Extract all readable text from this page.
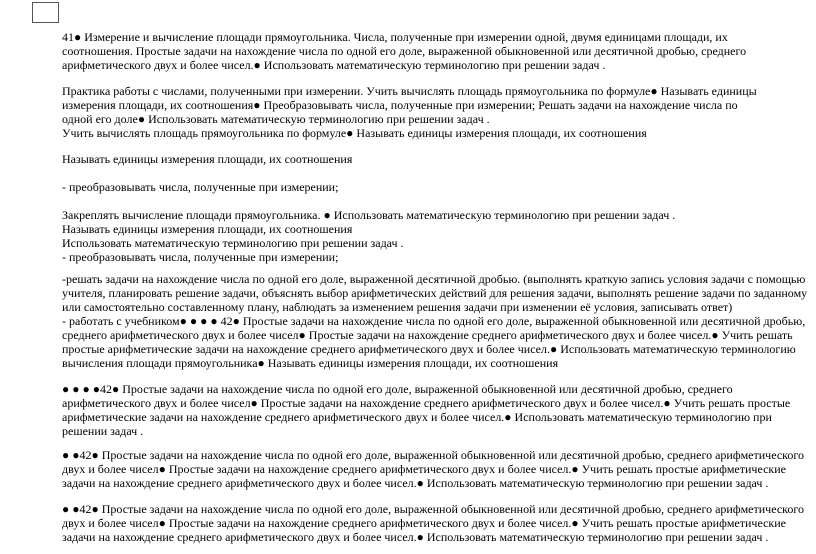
41● Измерение и вычисление площади прямоугольника. Числа, полученные при измерении одной, двумя единицами площади, их
соотношения. Простые задачи на нахождение числа по одной его доле, выраженной обыкновенной или десятичной дробью, среднего
арифметического двух и более чисел.● Использовать математическую терминологию при решении задач .
Практика работы с числами, полученными при измерении. Учить вычислять площадь прямоугольника по формуле● Называть единицы
измерения площади, их соотношения● Преобразовывать числа, полученные при измерении; Решать задачи на нахождение числа по
одной его доле● Использовать математическую терминологию при решении задач .
Учить вычислять площадь прямоугольника по формуле● Называть единицы измерения площади, их соотношения
Называть единицы измерения площади, их соотношения
- преобразовывать числа, полученные при измерении;
Закреплять вычисление площади прямоугольника. ● Использовать математическую терминологию при решении задач .
Называть единицы измерения площади, их соотношения
Использовать математическую терминологию при решении задач .
- преобразовывать числа, полученные при измерении;
-решать задачи на нахождение числа по одной его доле, выраженной десятичной дробью. (выполнять краткую запись условия задачи с помощью
учителя, планировать решение задачи, объяснять выбор арифметических действий для решения задачи, выполнять решение задачи по заданному
или самостоятельно составленному плану, наблюдать за изменением решения задачи при изменении её условия, записывать ответ)
- работать с учебником● ● ● ● 42● Простые задачи на нахождение числа по одной его доле, выраженной обыкновенной или десятичной дробью,
среднего арифметического двух и более чисел● Простые задачи на нахождение среднего арифметического двух и более чисел.● Учить решать
простые арифметические задачи на нахождение среднего арифметического двух и более чисел.● Использовать математическую терминологию
вычисления площади прямоугольника● Называть единицы измерения площади, их соотношения
● ● ● ●42● Простые задачи на нахождение числа по одной его доле, выраженной обыкновенной или десятичной дробью, среднего
арифметического двух и более чисел● Простые задачи на нахождение среднего арифметического двух и более чисел.● Учить решать простые
арифметические задачи на нахождение среднего арифметического двух и более чисел.● Использовать математическую терминологию при
решении задач .
● ●42● Простые задачи на нахождение числа по одной его доле, выраженной обыкновенной или десятичной дробью, среднего арифметического
двух и более чисел● Простые задачи на нахождение среднего арифметического двух и более чисел.● Учить решать простые арифметические
задачи на нахождение среднего арифметического двух и более чисел.● Использовать математическую терминологию при решении задач .
● ●42● Простые задачи на нахождение числа по одной его доле, выраженной обыкновенной или десятичной дробью, среднего арифметического
двух и более чисел● Простые задачи на нахождение среднего арифметического двух и более чисел.● Учить решать простые арифметические
задачи на нахождение среднего арифметического двух и более чисел.● Использовать математическую терминологию при решении задач .
